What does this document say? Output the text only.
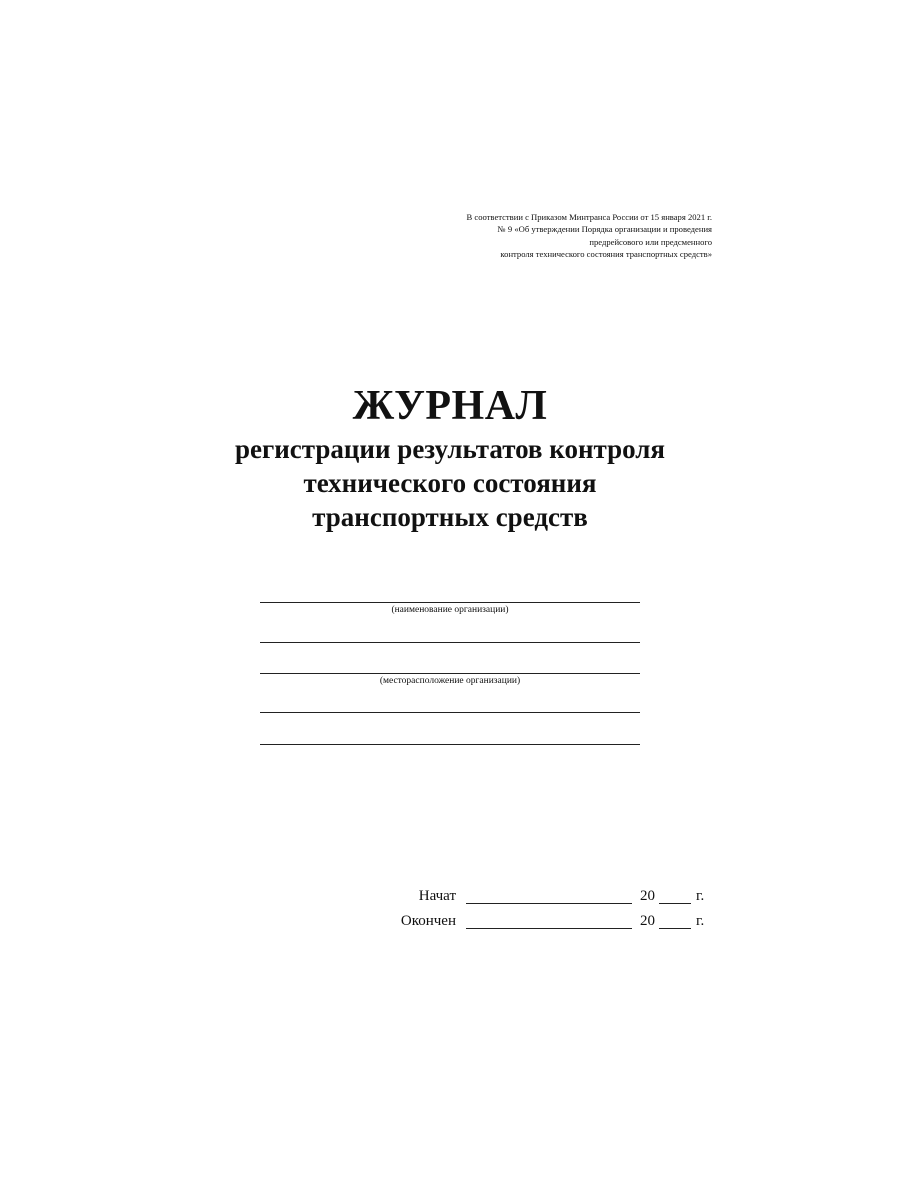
В соответствии с Приказом Минтранса России от 15 января 2021 г.
№ 9 «Об утверждении Порядка организации и проведения
предрейсового или предсменного
контроля технического состояния транспортных средств»
ЖУРНАЛ
регистрации результатов контроля
технического состояния
транспортных средств
(наименование организации)
(месторасположение организации)
Начат	20	г.
Окончен	20	г.
